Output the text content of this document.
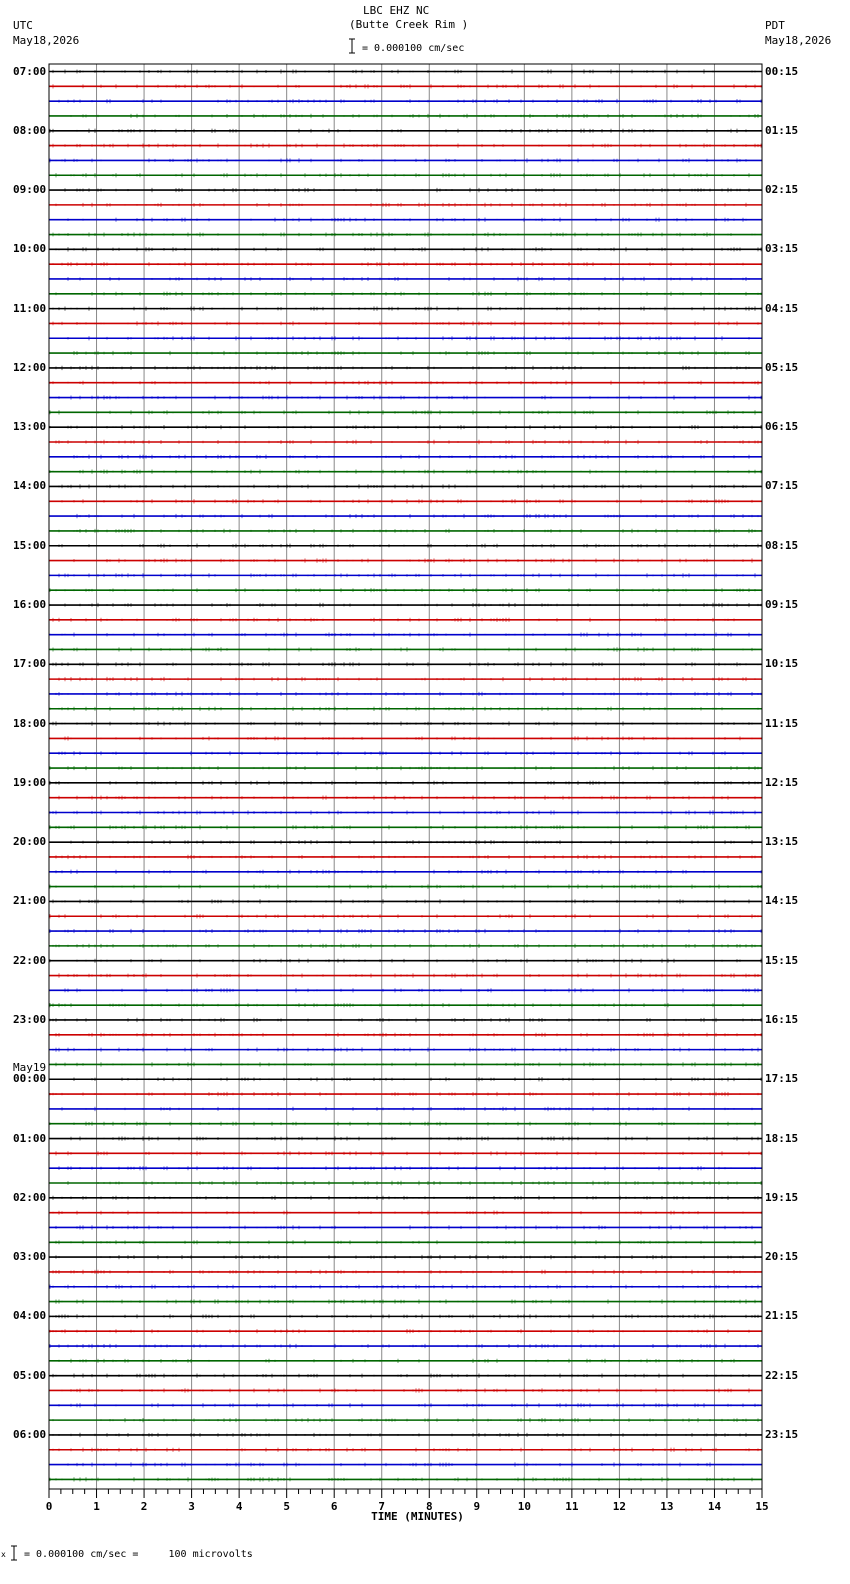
LBC EHZ NC
(Butte Creek Rim )
= 0.000100 cm/sec
UTC
May18,2026
PDT
May18,2026
May19
x = 0.000100 cm/sec =     100 microvolts
07:00
08:00
09:00
10:00
11:00
12:00
13:00
14:00
15:00
16:00
17:00
18:00
19:00
20:00
21:00
22:00
23:00
00:00
01:00
02:00
03:00
04:00
05:00
06:00
00:15
01:15
02:15
03:15
04:15
05:15
06:15
07:15
08:15
09:15
10:15
11:15
12:15
13:15
14:15
15:15
16:15
17:15
18:15
19:15
20:15
21:15
22:15
23:15
0	1	2	3	4	5	6	7	8	9	10	11	12	13	14	15
TIME (MINUTES)
